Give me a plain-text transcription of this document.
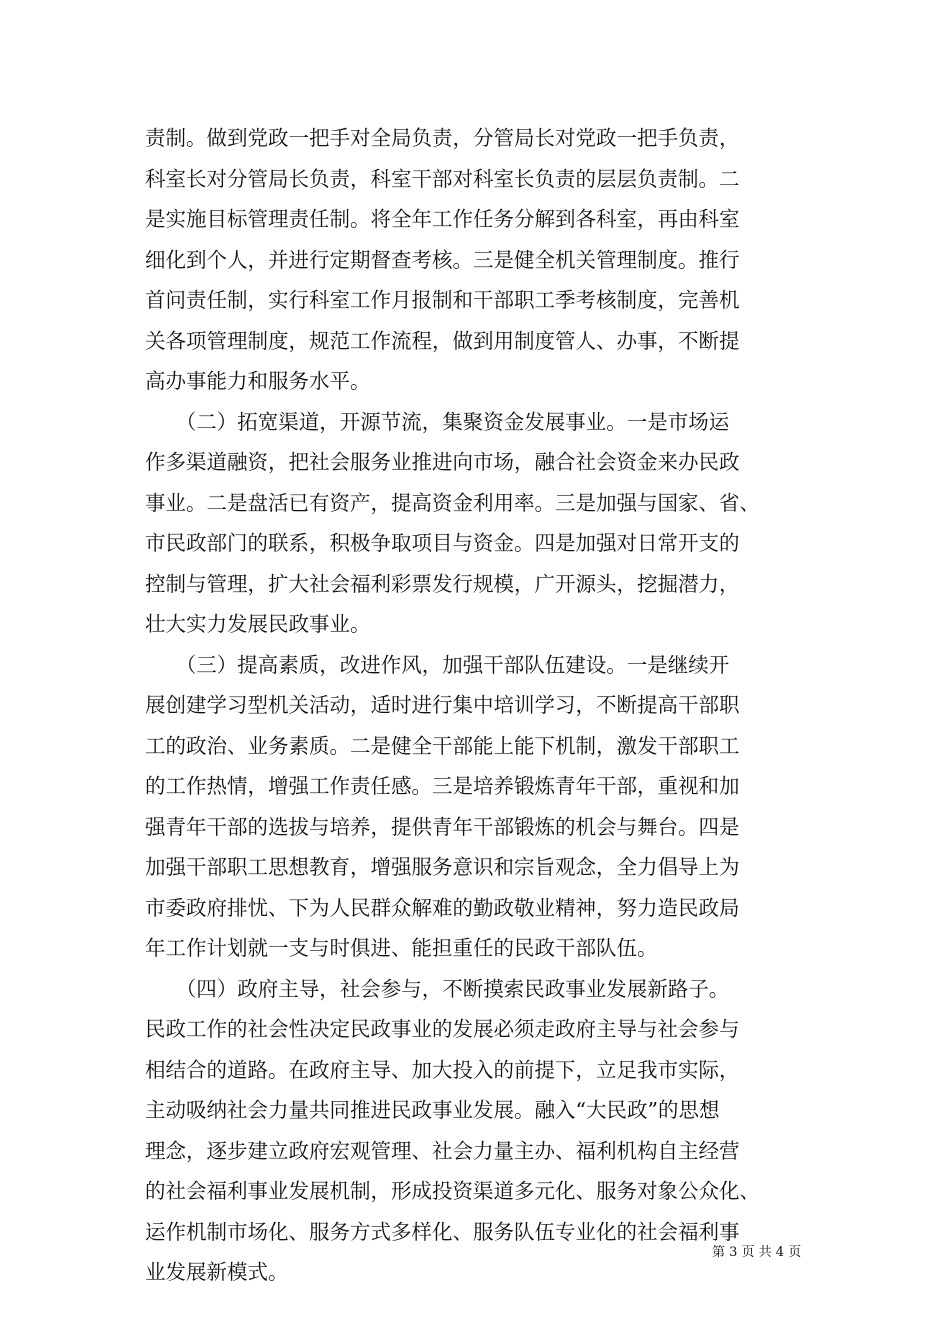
责制。做到党政一把手对全局负责，分管局长对党政一把手负责，
科室长对分管局长负责，科室干部对科室长负责的层层负责制。二
是实施目标管理责任制。将全年工作任务分解到各科室，再由科室
细化到个人，并进行定期督查考核。三是健全机关管理制度。推行
首问责任制，实行科室工作月报制和干部职工季考核制度，完善机
关各项管理制度，规范工作流程，做到用制度管人、办事，不断提
高办事能力和服务水平。
　　（二）拓宽渠道，开源节流，集聚资金发展事业。一是市场运
作多渠道融资，把社会服务业推进向市场，融合社会资金来办民政
事业。二是盘活已有资产，提高资金利用率。三是加强与国家、省、
市民政部门的联系，积极争取项目与资金。四是加强对日常开支的
控制与管理，扩大社会福利彩票发行规模，广开源头，挖掘潜力，
壮大实力发展民政事业。
　　（三）提高素质，改进作风，加强干部队伍建设。一是继续开
展创建学习型机关活动，适时进行集中培训学习，不断提高干部职
工的政治、业务素质。二是健全干部能上能下机制，激发干部职工
的工作热情，增强工作责任感。三是培养锻炼青年干部，重视和加
强青年干部的选拔与培养，提供青年干部锻炼的机会与舞台。四是
加强干部职工思想教育，增强服务意识和宗旨观念，全力倡导上为
市委政府排忧、下为人民群众解难的勤政敬业精神，努力造民政局
年工作计划就一支与时俱进、能担重任的民政干部队伍。
　　（四）政府主导，社会参与，不断摸索民政事业发展新路子。
民政工作的社会性决定民政事业的发展必须走政府主导与社会参与
相结合的道路。在政府主导、加大投入的前提下，立足我市实际，
主动吸纳社会力量共同推进民政事业发展。融入“大民政”的思想
理念，逐步建立政府宏观管理、社会力量主办、福利机构自主经营
的社会福利事业发展机制，形成投资渠道多元化、服务对象公众化、
运作机制市场化、服务方式多样化、服务队伍专业化的社会福利事
业发展新模式。
第 3 页 共 4 页
